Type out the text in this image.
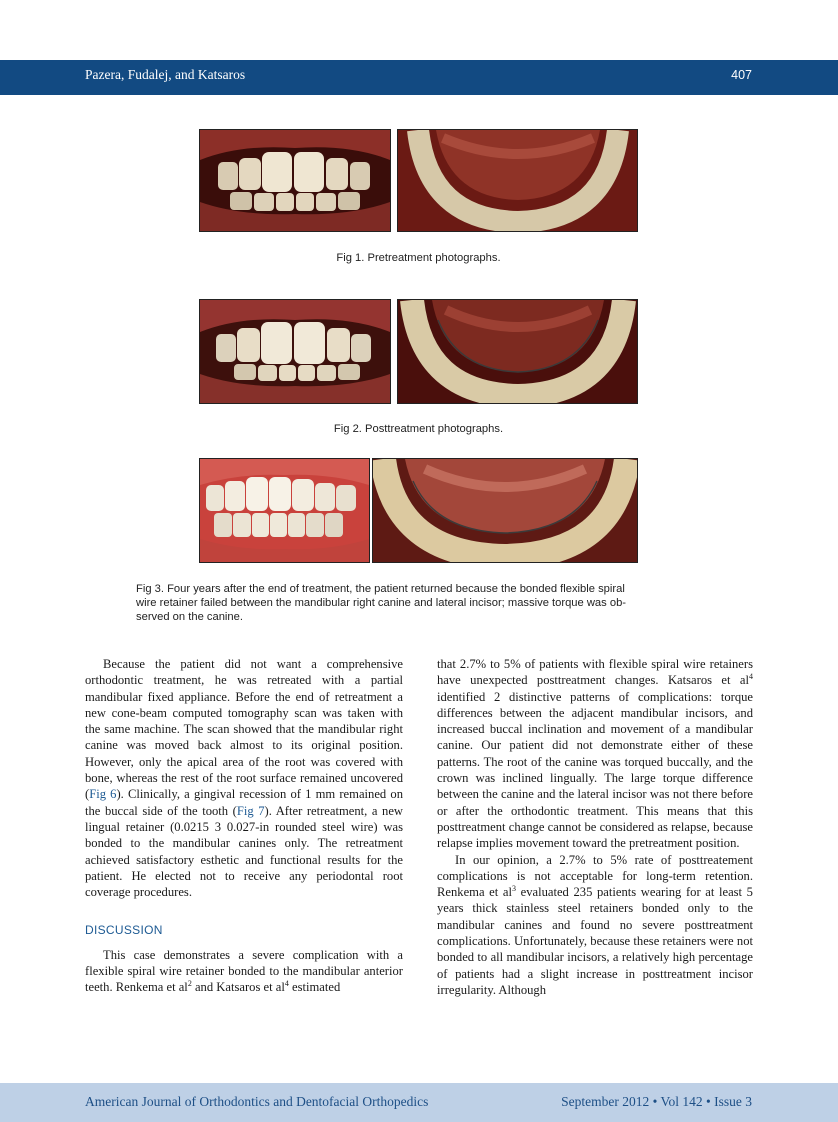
Pazera, Fudalej, and Katsaros	407
Fig 1. Pretreatment photographs.
Fig 2. Posttreatment photographs.
Fig 3. Four years after the end of treatment, the patient returned because the bonded flexible spiral
wire retainer failed between the mandibular right canine and lateral incisor; massive torque was ob-
served on the canine.

Because the patient did not want a comprehensive orthodontic treatment, he was retreated with a partial mandibular fixed appliance. Before the end of retreatment a new cone-beam computed tomography scan was taken with the same machine. The scan showed that the mandibular right canine was moved back almost to its original position. However, only the apical area of the root was covered with bone, whereas the rest of the root surface remained uncovered (Fig 6). Clinically, a gingival recession of 1 mm remained on the buccal side of the tooth (Fig 7). After retreatment, a new lingual retainer (0.0215 3 0.027-in rounded steel wire) was bonded to the mandibular canines only. The retreatment achieved satisfactory esthetic and functional results for the patient. He elected not to receive any periodontal root coverage procedures.

DISCUSSION

This case demonstrates a severe complication with a flexible spiral wire retainer bonded to the mandibular anterior teeth. Renkema et $al^2$ and Katsaros et $al^4$ estimated

that 2.7% to 5% of patients with flexible spiral wire retainers have unexpected posttreatment changes. Katsaros et $al^4$ identified 2 distinctive patterns of complications: torque differences between the adjacent mandibular incisors, and increased buccal inclination and movement of a mandibular canine. Our patient did not demonstrate either of these patterns. The root of the canine was torqued buccally, and the crown was inclined lingually. The large torque difference between the canine and the lateral incisor was not there before or after the orthodontic treatment. This means that this posttreatment change cannot be considered as relapse, because relapse implies movement toward the pretreatment position.

In our opinion, a 2.7% to 5% rate of posttreatement complications is not acceptable for long-term retention. Renkema et $al^3$ evaluated 235 patients wearing for at least 5 years thick stainless steel retainers bonded only to the mandibular canines and found no severe posttreatment complications. Unfortunately, because these retainers were not bonded to all mandibular incisors, a relatively high percentage of patients had a slight increase in posttreatment incisor irregularity. Although

American Journal of Orthodontics and Dentofacial Orthopedics	September 2012 • Vol 142 • Issue 3
